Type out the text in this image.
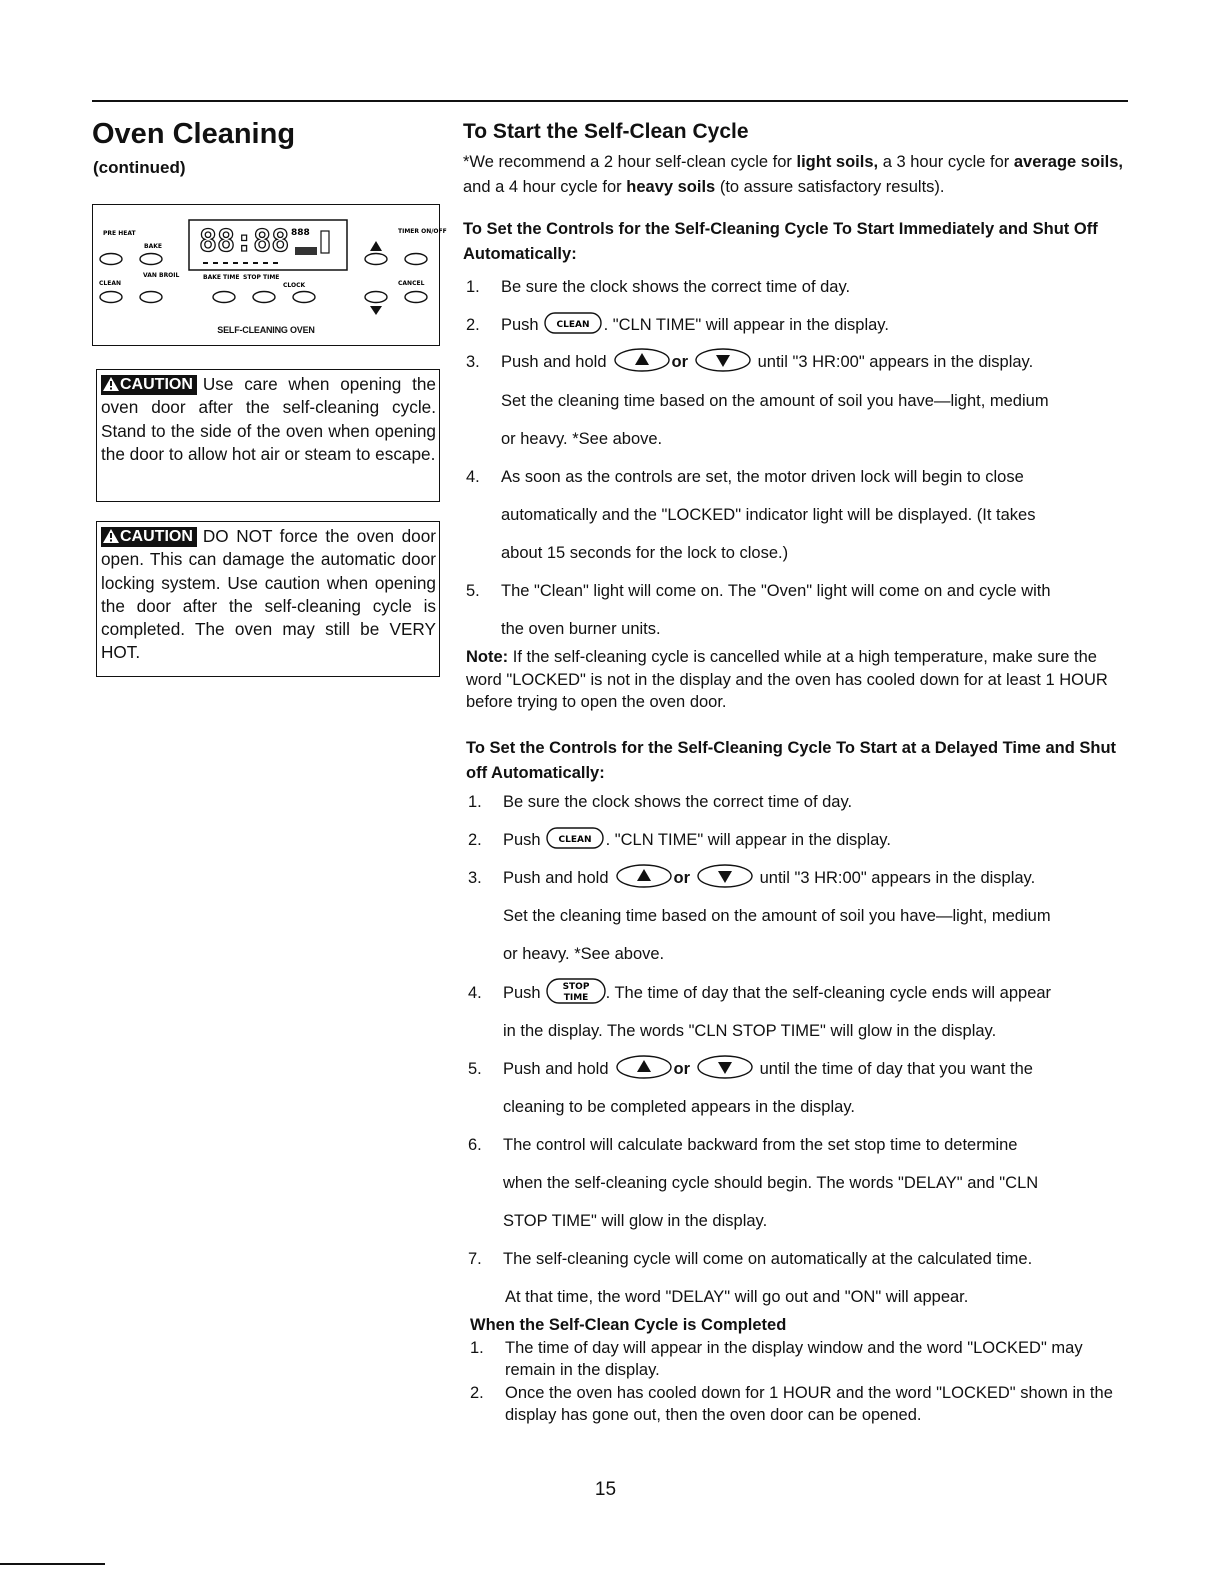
Oven Cleaning
(continued)
88:88 888
PRE HEAT
BAKE
TIMER ON/OFF
CLEAN
VAN BROIL	BAKE TIME STOP TIME
CLOCK	CANCEL
SELF-CLEANING OVEN
CAUTION Use care when opening the oven door after the self-cleaning cycle. Stand to the side of the oven when opening the door to allow hot air or steam to escape.
CAUTION DO NOT force the oven door open. This can damage the automatic door locking system. Use caution when opening the door after the self-cleaning cycle is completed. The oven may still be VERY HOT.
To Start the Self-Clean Cycle
*We recommend a 2 hour self-clean cycle for light soils, a 3 hour cycle for average soils, and a 4 hour cycle for heavy soils (to assure satisfactory results).
To Set the Controls for the Self-Cleaning Cycle To Start Immediately and Shut Off Automatically:
1. Be sure the clock shows the correct time of day.
2. Push CLEAN . "CLN TIME" will appear in the display.
3. Push and hold	or	until "3 HR:00" appears in the display.
Set the cleaning time based on the amount of soil you have—light, medium
or heavy. *See above.
4. As soon as the controls are set, the motor driven lock will begin to close
automatically and the "LOCKED" indicator light will be displayed. (It takes
about 15 seconds for the lock to close.)
5. The "Clean" light will come on. The "Oven" light will come on and cycle with
the oven burner units.
Note: If the self-cleaning cycle is cancelled while at a high temperature, make sure the word "LOCKED" is not in the display and the oven has cooled down for at least 1 HOUR before trying to open the oven door.
To Set the Controls for the Self-Cleaning Cycle To Start at a Delayed Time and Shut off Automatically:
1. Be sure the clock shows the correct time of day.
2. Push CLEAN . "CLN TIME" will appear in the display.
3. Push and hold	or	until "3 HR:00" appears in the display.
Set the cleaning time based on the amount of soil you have—light, medium
or heavy. *See above.
4. Push STOP
TIME . The time of day that the self-cleaning cycle ends will appear
in the display. The words "CLN STOP TIME" will glow in the display.
5. Push and hold	or	until the time of day that you want the
cleaning to be completed appears in the display.
6. The control will calculate backward from the set stop time to determine
when the self-cleaning cycle should begin. The words "DELAY" and "CLN
STOP TIME" will glow in the display.
7. The self-cleaning cycle will come on automatically at the calculated time.
At that time, the word "DELAY" will go out and "ON" will appear.
When the Self-Clean Cycle is Completed
1. The time of day will appear in the display window and the word "LOCKED" may remain in the display.
2. Once the oven has cooled down for 1 HOUR and the word "LOCKED" shown in the display has gone out, then the oven door can be opened.
15
